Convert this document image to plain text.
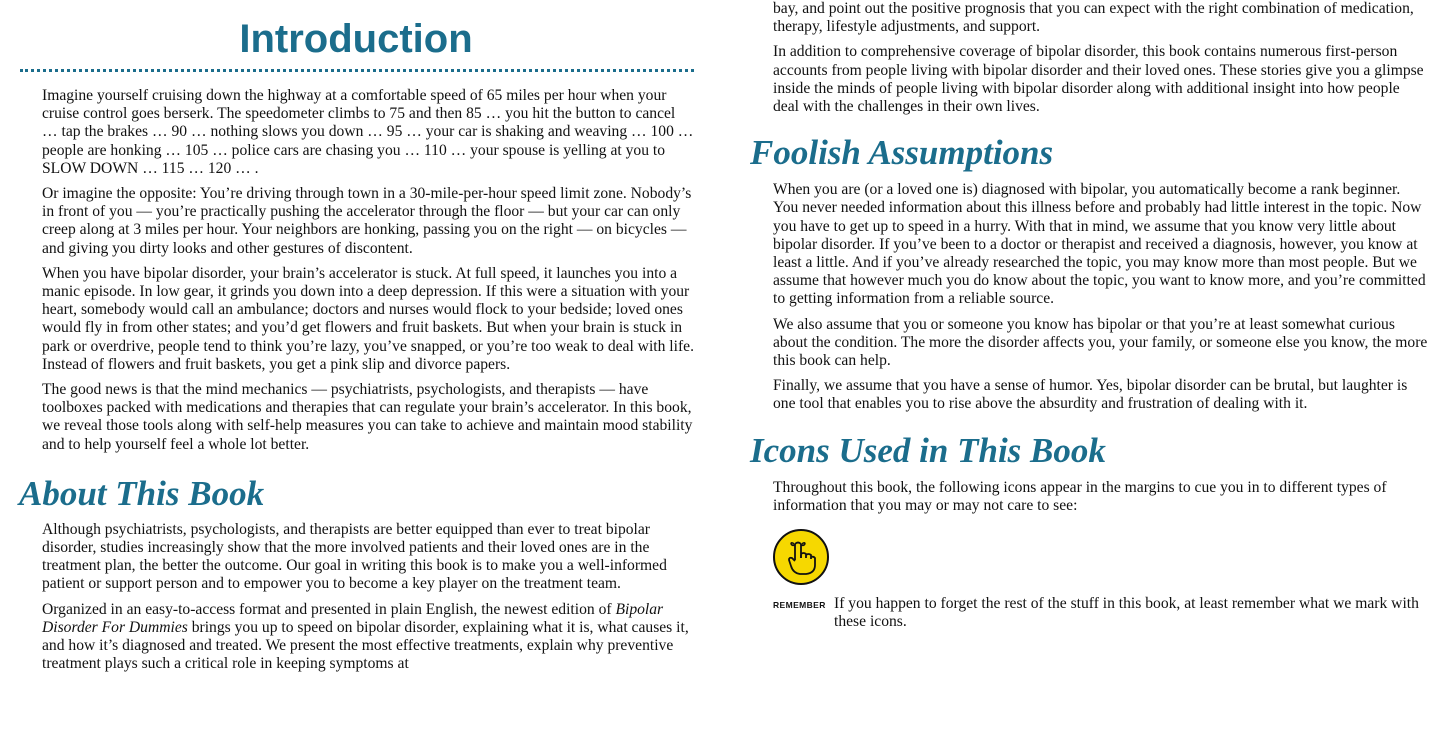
Introduction

Imagine yourself cruising down the highway at a comfortable speed of 65 miles per hour when your cruise control goes berserk. The speedometer climbs to 75 and then 85 … you hit the button to cancel … tap the brakes … 90 … nothing slows you down … 95 … your car is shaking and weaving … 100 … people are honking … 105 … police cars are chasing you … 110 … your spouse is yelling at you to SLOW DOWN … 115 … 120 … .

Or imagine the opposite: You’re driving through town in a 30-mile-per-hour speed limit zone. Nobody’s in front of you — you’re practically pushing the accelerator through the floor — but your car can only creep along at 3 miles per hour. Your neighbors are honking, passing you on the right — on bicycles — and giving you dirty looks and other gestures of discontent.

When you have bipolar disorder, your brain’s accelerator is stuck. At full speed, it launches you into a manic episode. In low gear, it grinds you down into a deep depression. If this were a situation with your heart, somebody would call an ambulance; doctors and nurses would flock to your bedside; loved ones would fly in from other states; and you’d get flowers and fruit baskets. But when your brain is stuck in park or overdrive, people tend to think you’re lazy, you’ve snapped, or you’re too weak to deal with life. Instead of flowers and fruit baskets, you get a pink slip and divorce papers.

The good news is that the mind mechanics — psychiatrists, psychologists, and therapists — have toolboxes packed with medications and therapies that can regulate your brain’s accelerator. In this book, we reveal those tools along with self-help measures you can take to achieve and maintain mood stability and to help yourself feel a whole lot better.

About This Book

Although psychiatrists, psychologists, and therapists are better equipped than ever to treat bipolar disorder, studies increasingly show that the more involved patients and their loved ones are in the treatment plan, the better the outcome. Our goal in writing this book is to make you a well-informed patient or support person and to empower you to become a key player on the treatment team.

Organized in an easy-to-access format and presented in plain English, the newest edition of Bipolar Disorder For Dummies brings you up to speed on bipolar disorder, explaining what it is, what causes it, and how it’s diagnosed and treated. We present the most effective treatments, explain why preventive treatment plays such a critical role in keeping symptoms at

bay, and point out the positive prognosis that you can expect with the right combination of medication, therapy, lifestyle adjustments, and support.

In addition to comprehensive coverage of bipolar disorder, this book contains numerous first-person accounts from people living with bipolar disorder and their loved ones. These stories give you a glimpse inside the minds of people living with bipolar disorder along with additional insight into how people deal with the challenges in their own lives.

Foolish Assumptions

When you are (or a loved one is) diagnosed with bipolar, you automatically become a rank beginner. You never needed information about this illness before and probably had little interest in the topic. Now you have to get up to speed in a hurry. With that in mind, we assume that you know very little about bipolar disorder. If you’ve been to a doctor or therapist and received a diagnosis, however, you know at least a little. And if you’ve already researched the topic, you may know more than most people. But we assume that however much you do know about the topic, you want to know more, and you’re committed to getting information from a reliable source.

We also assume that you or someone you know has bipolar or that you’re at least somewhat curious about the condition. The more the disorder affects you, your family, or someone else you know, the more this book can help.

Finally, we assume that you have a sense of humor. Yes, bipolar disorder can be brutal, but laughter is one tool that enables you to rise above the absurdity and frustration of dealing with it.

Icons Used in This Book

Throughout this book, the following icons appear in the margins to cue you in to different types of information that you may or may not care to see:

REMEMBER If you happen to forget the rest of the stuff in this book, at least remember what we mark with these icons.
